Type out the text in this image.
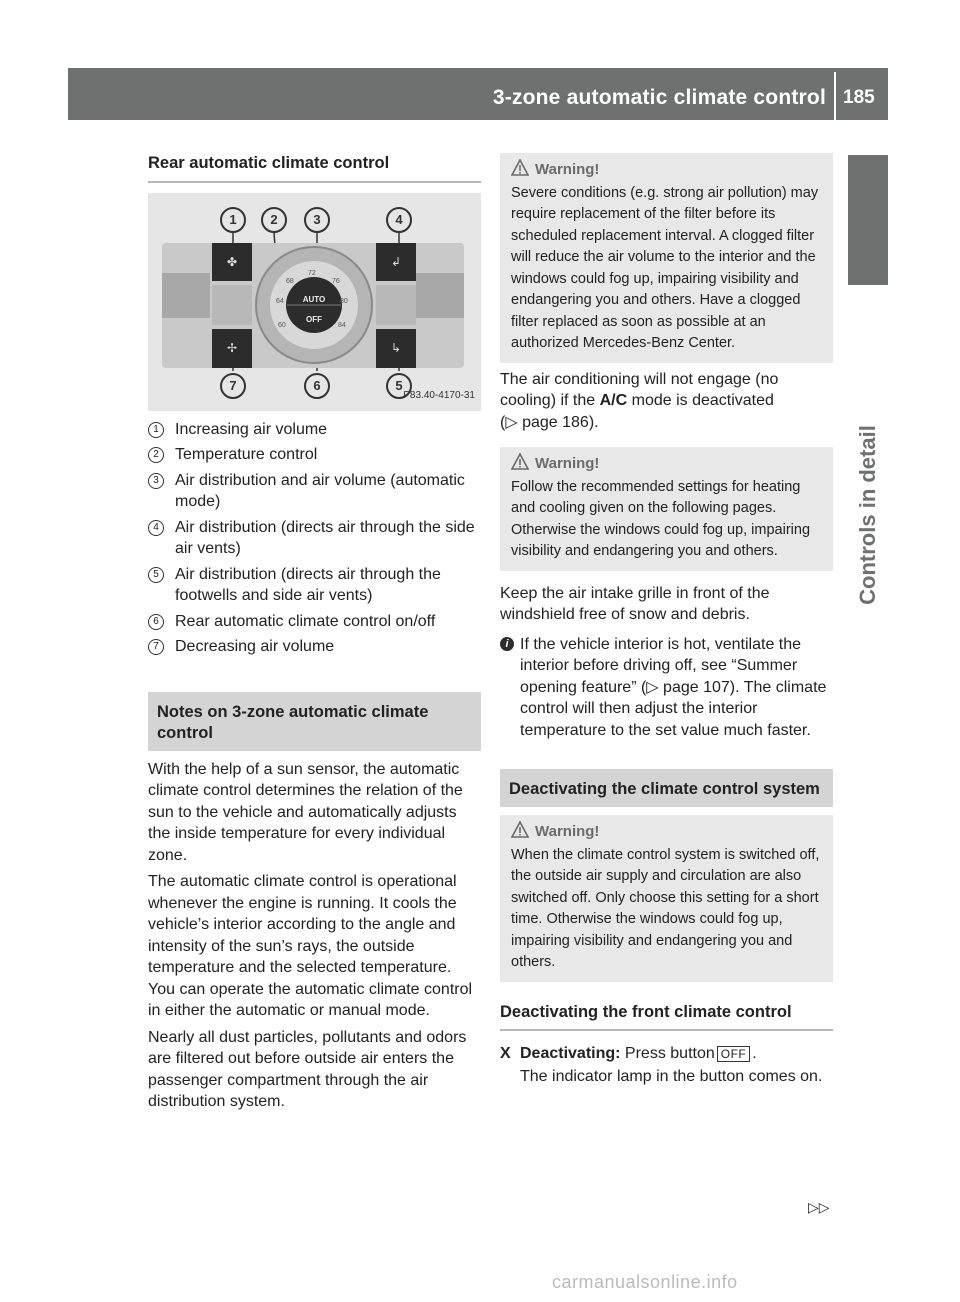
3-zone automatic climate control 185
Controls in detail
Rear automatic climate control
1	2	3	4
7	6	5
✤
✢
↲
↳
AUTO
OFF
68
72
76
80
64
60	84
P83.40-4170-31
1	Increasing air volume
2	Temperature control
3	Air distribution and air volume (automatic mode)
4	Air distribution (directs air through the side air vents)
5	Air distribution (directs air through the footwells and side air vents)
6	Rear automatic climate control on/off
7	Decreasing air volume
Notes on 3-zone automatic climate control

With the help of a sun sensor, the automatic climate control determines the relation of the sun to the vehicle and automatically adjusts the inside temperature for every individual zone.

The automatic climate control is operational whenever the engine is running. It cools the vehicle’s interior according to the angle and intensity of the sun’s rays, the outside temperature and the selected temperature. You can operate the automatic climate control in either the automatic or manual mode.

Nearly all dust particles, pollutants and odors are filtered out before outside air enters the passenger compartment through the air distribution system.

Warning!
Severe conditions (e.g. strong air pollution) may require replacement of the filter before its scheduled replacement interval. A clogged filter will reduce the air volume to the interior and the windows could fog up, impairing visibility and endangering you and others. Have a clogged filter replaced as soon as possible at an authorized Mercedes-Benz Center.

The air conditioning will not engage (no cooling) if the A/C mode is deactivated
(▷ page 186).

Warning!
Follow the recommended settings for heating and cooling given on the following pages. Otherwise the windows could fog up, impairing visibility and endangering you and others.

Keep the air intake grille in front of the windshield free of snow and debris.

i If the vehicle interior is hot, ventilate the interior before driving off, see “Summer opening feature” (▷ page 107). The climate control will then adjust the interior temperature to the set value much faster.
Deactivating the climate control system
Warning!
When the climate control system is switched off, the outside air supply and circulation are also switched off. Only choose this setting for a short time. Otherwise the windows could fog up, impairing visibility and endangering you and others.
Deactivating the front climate control
X Deactivating: Press button OFF .
The indicator lamp in the button comes on.
▷▷
carmanualsonline.info
